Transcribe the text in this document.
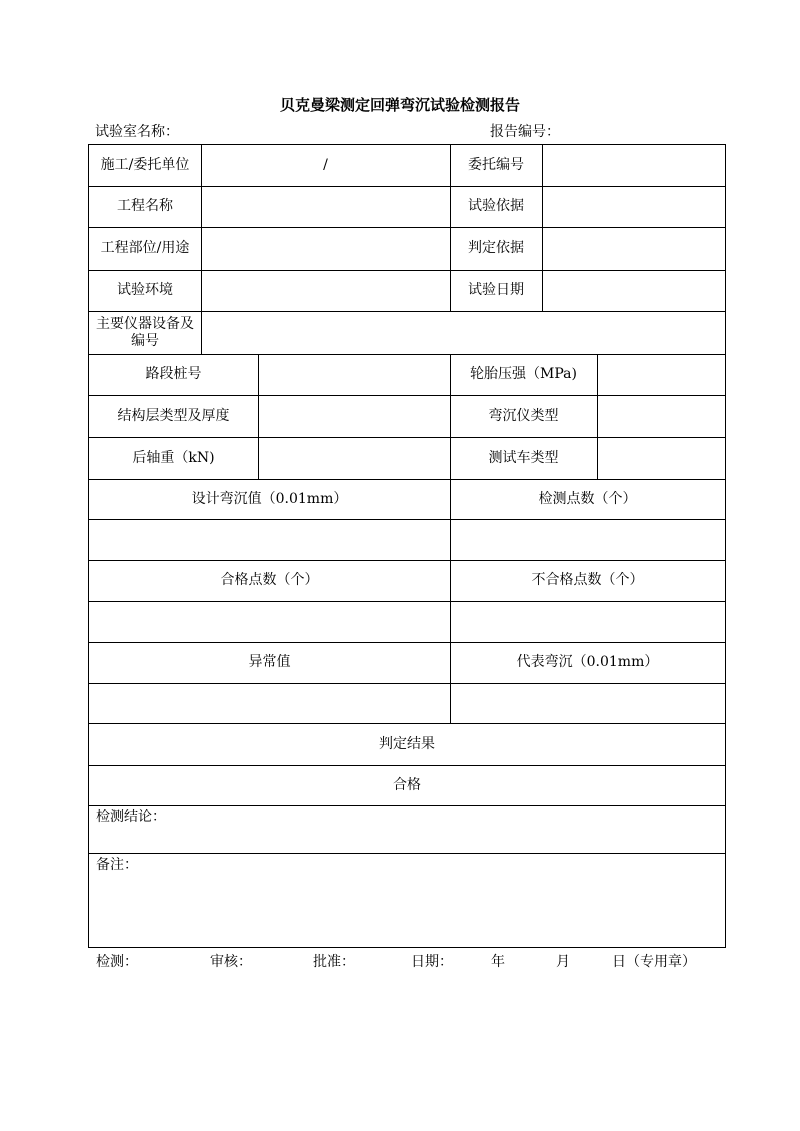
贝克曼梁测定回弹弯沉试验检测报告
试验室名称：	报告编号：
施工/委托单位	/	委托编号
工程名称	试验依据
工程部位/用途	判定依据
试验环境	试验日期
主要仪器设备及编号
路段桩号	轮胎压强（MPa)
结构层类型及厚度	弯沉仪类型
后轴重（kN)	测试车类型
设计弯沉值（0.01mm）	检测点数（个）
合格点数（个）	不合格点数（个）
异常值	代表弯沉（0.01mm）
判定结果
合格
检测结论：
备注：
检测：	审核：	批准：	日期：	年	月	日（专用章）
